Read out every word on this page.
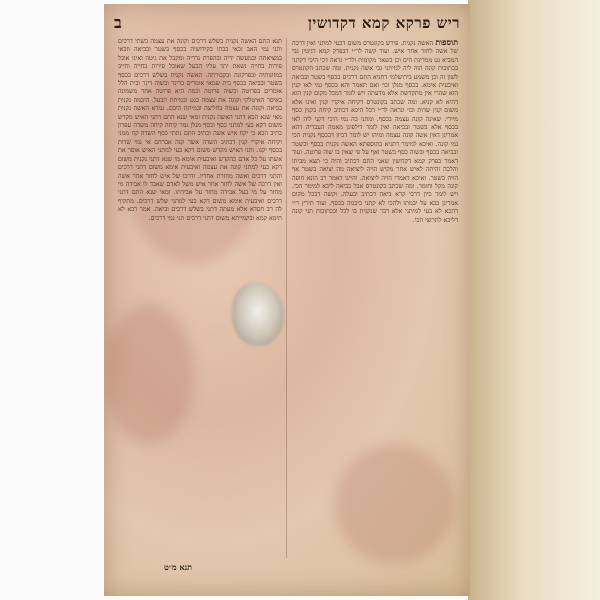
ריש פרקא קמא דקדושין
ב
תוספות האשה נקנית. פירש בקונטרס משום דבעי למתני ואין דרכה של אשה לחזר אחר איש. ועוד קשה לר״י דבפרק קמא דגיטין גבי המביא גט ממדינת הים וכן בשאר מקומות ולר״י נראה דכי היכי דקתני בכתובות קונה הוה ליה למיתני גבי אשה נקנית. ומה שכתב הקונטרס לשון זה וכן משמע בירושלמי דתניא התם דרכים בכסף בשטר ובביאה ואיבעית אימא. בכסף מנלן וכו׳ ואם תאמר והא בכסף נמי לאו קנין הוא שהרי אין מתקדשת אלא מדעתה ויש לומר דמכל מקום קנין הוא דהיא לא קניא. ומה שכתב בקונטרס דקיחה איקרי קנין ואינו אלא משום קנין שדות וכו׳ ונראה לר״י דכל היכא דכתיב קיחה בקנין כסף מיירי. שאינה קונה עצמה בכסף. ומתני בה נמי היכי דקני ליה לאו בכסף אלא בשטר ובביאה ואין לומר דילפינן מאמה העבריה דהא אמרינן דאין אשה קונה עצמה ומיהו יש לומר דכיון דבכסף נקנית הכי נמי קונה. ואיכא למימר דתניא בתוספתא האשה נקנית בכסף ובשטר ובביאה בכסף ובשוה כסף בשטר ואף על פי שאין בו שוה פרוטה. ועוד דאמר בפרק קמא דקדושין שאני התם דכתיב והיה כי תצא מביתו והלכה והיתה לאיש אחר מקיש הויה ליציאה מה יציאה בשטר אף הויה בשטר. ואיכא דאמרי הויה ליציאה. והיינו דאמר רב הונא חופה קונה מקל וחומר. ומה שכתב בקונטרס אבל בביאה ליכא למימר הכי. ויש לומר כיון דרבי קרא ביאה דכתיב ובעלה. וקשה דבכל מקום אמרינן בבא על יבמתו ולהכי לא קתני ביבמה בכסף. ועוד תירץ ר״י דהכא לא בעי למיתני אלא דבר שנקנית בו לכל ובכתובות תני קונה דליכא לתרוצי הכי.
תנא התם האשה נקנית בשלש דרכים וקונה את עצמה בשתי דרכים ותני נמי האב זכאי בבתו בקידושיה בכסף בשטר ובביאה וזכאי במציאתה ובמעשה ידיה ובהפרת נדריה ומקבל את גיטה ואינו אוכל פירות בחייה נשאת יתר עליו הבעל שאוכל פירות בחייה וחייב במזונותיה ובפרקונה ובקבורתה. האשה נקנית בשלש דרכים בכסף בשטר ובביאה בכסף בית שמאי אומרים בדינר ובשוה דינר ובית הלל אומרים בפרוטה ובשוה פרוטה וכמה היא פרוטה אחד משמונה באיסר האיטלקי וקונה את עצמה בגט ובמיתת הבעל. היבמה נקנית בביאה וקונה את עצמה בחליצה ובמיתת היבם. גמרא האשה נקנית מאי שנא הכא דתני האשה נקנית ומאי שנא התם דתני האיש מקדש משום דקא בעי למתני כסף וכסף מנלן גמר קיחה קיחה משדה עפרון כתיב הכא כי יקח איש אשה וכתיב התם נתתי כסף השדה קח ממני וקיחה איקרי קנין דכתיב השדה אשר קנה אברהם אי נמי שדות בכסף יקנו. ותני האיש מקדש משום דקא בעי למתני האיש אוסר את אשתו על כל אדם כהקדש ואיבעית אימא מי שנא דתני נקנית משום דקא בעי למתני קונה את עצמה ואיבעית אימא משום דתני דרכים והתני דרכים ואשה מחזרת אחריו. ודרכו של איש לחזר אחר אשה ואין דרכה של אשה לחזר אחר איש משל לאדם שאבד לו אבידה מי מחזר על מי בעל אבידה מחזר על אבידתו. ומאי שנא התם דתני דרכים ואיבעית אימא משום דקא בעי למתני שלש דרכים. מתקיף לה רב חסדא אלא מעתה דתני בשלש דרכים וביאה. אמר רבא לא תימא קמא ובקמייתא משום דתני דרכים תני נמי דרכים.
תנא מ״ט
